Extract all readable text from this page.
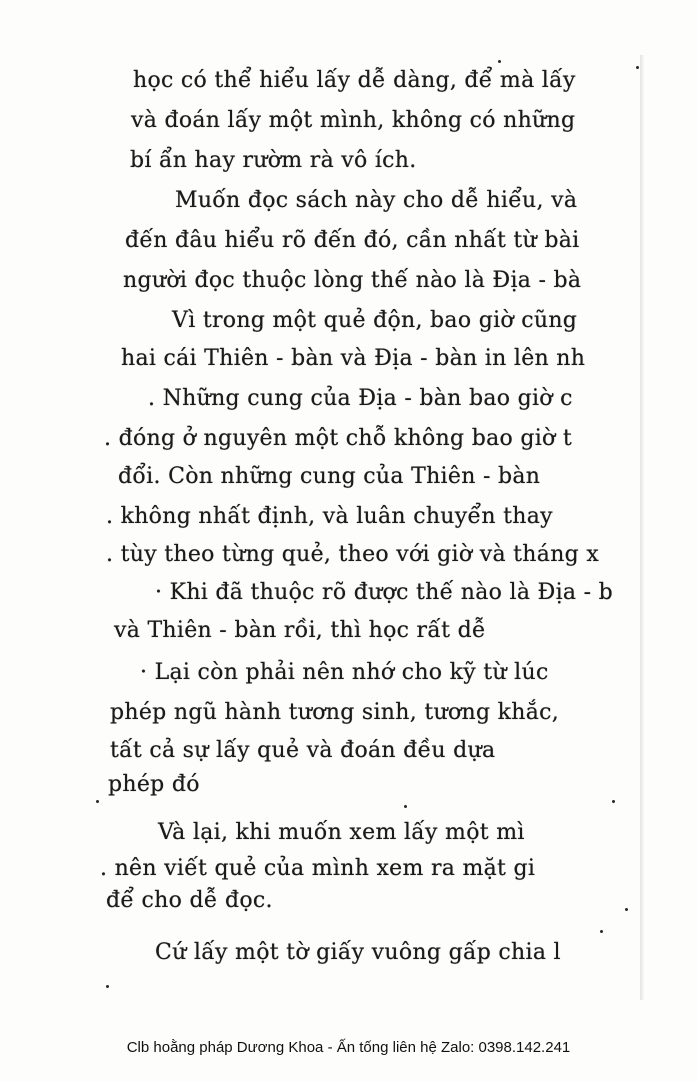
học có thể hiểu lấy dễ dàng, để mà lấy
và đoán lấy một mình, không có những
bí ẩn hay rườm rà vô ích.
Muốn đọc sách này cho dễ hiểu, và
đến đâu hiểu rõ đến đó, cần nhất từ bài
người đọc thuộc lòng thế nào là Địa - bà
Vì trong một quẻ độn, bao giờ cũng
hai cái Thiên - bàn và Địa - bàn in lên nh
. Những cung của Địa - bàn bao giờ c
. đóng ở nguyên một chỗ không bao giờ t
đổi. Còn những cung của Thiên - bàn
. không nhất định, và luân chuyển thay
. tùy theo từng quẻ, theo với giờ và tháng x
· Khi đã thuộc rõ được thế nào là Địa - b
và Thiên - bàn rồi, thì học rất dễ
· Lại còn phải nên nhớ cho kỹ từ lúc
phép ngũ hành tương sinh, tương khắc,
tất cả sự lấy quẻ và đoán đều dựa
phép đó
Và lại, khi muốn xem lấy một mì
. nên viết quẻ của mình xem ra mặt gi
để cho dễ đọc.
Cứ lấy một tờ giấy vuông gấp chia l
Clb hoằng pháp Dương Khoa - Ấn tống liên hệ Zalo: 0398.142.241
